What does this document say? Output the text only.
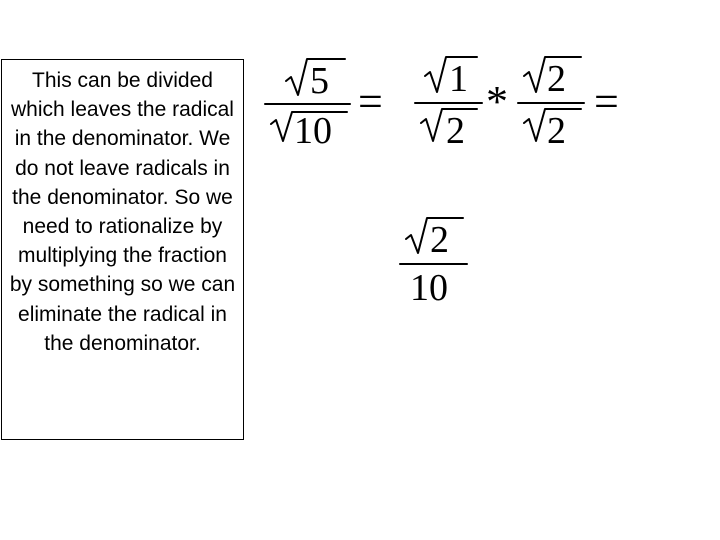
This can be divided which leaves the radical in the denominator. We do not leave radicals in the denominator. So we need to rationalize by multiplying the fraction by something so we can eliminate the radical in the denominator.
5
10
= 1
2
* 2
2
=
2
10
